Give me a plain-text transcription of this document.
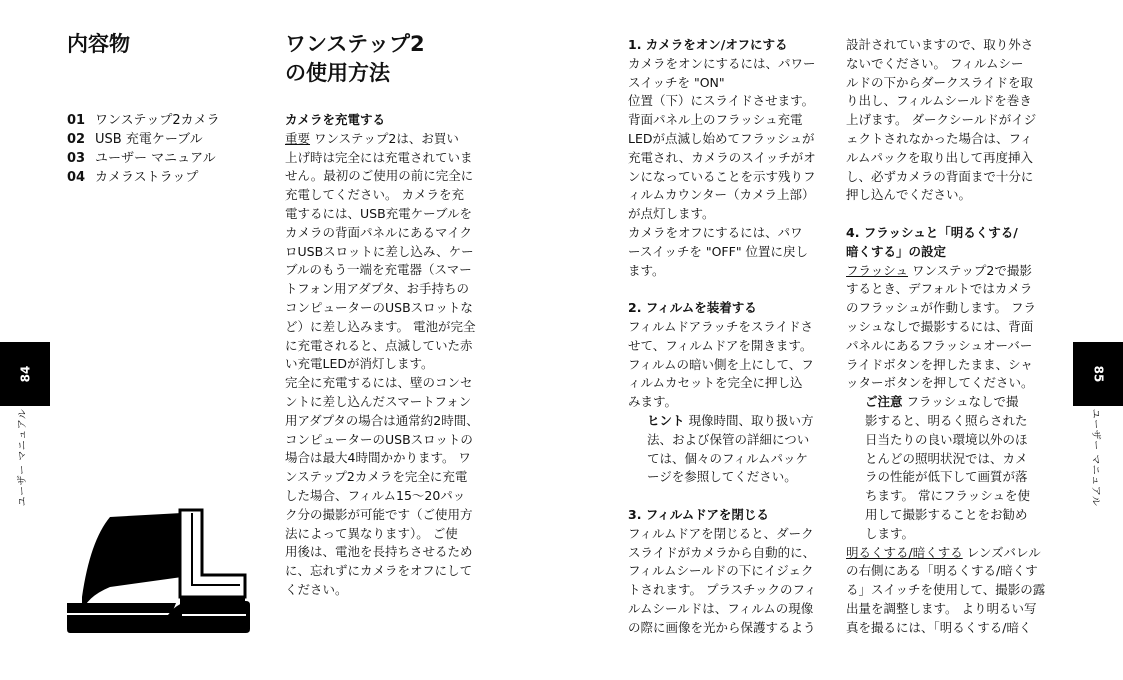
内容物
01 ワンステップ2カメラ
02 USB 充電ケーブル
03 ユーザー マニュアル
04 カメラストラップ
ワンステップ2
の使用方法

カメラを充電する

重要 ワンステップ2は、お買い

上げ時は完全には充電されていま

せん。最初のご使用の前に完全に

充電してください。 カメラを充

電するには、USB充電ケーブルを

カメラの背面パネルにあるマイク

ロUSBスロットに差し込み、ケー

ブルのもう一端を充電器（スマー

トフォン用アダプタ、お手持ちの

コンピューターのUSBスロットな

ど）に差し込みます。 電池が完全

に充電されると、点滅していた赤

い充電LEDが消灯します。

完全に充電するには、壁のコンセ

ントに差し込んだスマートフォン

用アダプタの場合は通常約2時間、

コンピューターのUSBスロットの

場合は最大4時間かかります。 ワ

ンステップ2カメラを完全に充電

した場合、フィルム15〜20パッ

ク分の撮影が可能です（ご使用方

法によって異なります）。 ご使

用後は、電池を長持ちさせるため

に、忘れずにカメラをオフにして

ください。

84
ユーザー マニュアル

1. カメラをオン/オフにする

カメラをオンにするには、パワー

スイッチを "ON"

位置（下）にスライドさせます。

背面パネル上のフラッシュ充電

LEDが点滅し始めてフラッシュが

充電され、カメラのスイッチがオ

ンになっていることを示す残りフ

ィルムカウンター（カメラ上部）

が点灯します。

カメラをオフにするには、パワ

ースイッチを "OFF" 位置に戻し

ます。

2. フィルムを装着する

フィルムドアラッチをスライドさ

せて、フィルムドアを開きます。

フィルムの暗い側を上にして、フ

ィルムカセットを完全に押し込

みます。

ヒント 現像時間、取り扱い方

法、および保管の詳細につい

ては、個々のフィルムパッケ

ージを参照してください。

3. フィルムドアを閉じる

フィルムドアを閉じると、ダーク

スライドがカメラから自動的に、

フィルムシールドの下にイジェク

トされます。 プラスチックのフィ

ルムシールドは、フィルムの現像

の際に画像を光から保護するよう

設計されていますので、取り外さ

ないでください。 フィルムシー

ルドの下からダークスライドを取

り出し、フィルムシールドを巻き

上げます。 ダークシールドがイジ

ェクトされなかった場合は、フィ

ルムパックを取り出して再度挿入

し、必ずカメラの背面まで十分に

押し込んでください。

4. フラッシュと「明るくする/

暗くする」の設定

フラッシュ ワンステップ2で撮影

するとき、デフォルトではカメラ

のフラッシュが作動します。 フラ

ッシュなしで撮影するには、背面

パネルにあるフラッシュオーバー

ライドボタンを押したまま、シャ

ッターボタンを押してください。

ご注意 フラッシュなしで撮

影すると、明るく照らされた

日当たりの良い環境以外のほ

とんどの照明状況では、カメ

ラの性能が低下して画質が落

ちます。 常にフラッシュを使

用して撮影することをお勧め

します。

明るくする/暗くする レンズバレル

の右側にある「明るくする/暗くす

る」スイッチを使用して、撮影の露

出量を調整します。 より明るい写

真を撮るには、「明るくする/暗く

85
ユーザー マニュアル
